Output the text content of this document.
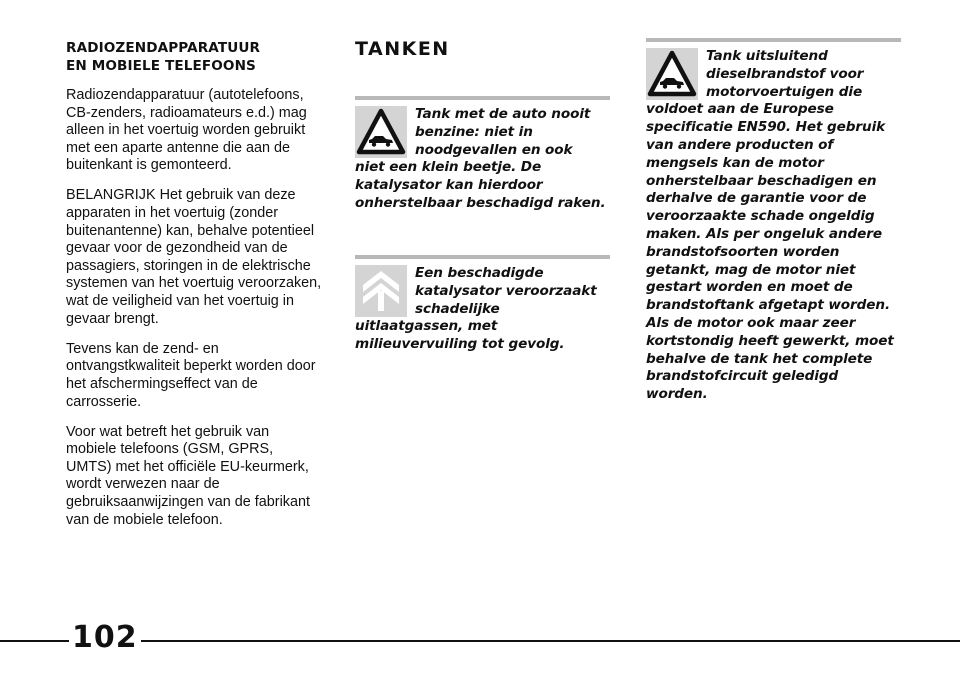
RADIOZENDAPPARATUUR
EN MOBIELE TELEFOONS

Radiozendapparatuur (autotelefoons, CB-zenders, radioamateurs e.d.) mag alleen in het voertuig worden gebruikt met een aparte antenne die aan de buitenkant is gemonteerd.

BELANGRIJK Het gebruik van deze apparaten in het voertuig (zonder buitenantenne) kan, behalve potentieel gevaar voor de gezondheid van de passagiers, storingen in de elektrische systemen van het voertuig veroorzaken, wat de veiligheid van het voertuig in gevaar brengt.

Tevens kan de zend- en ontvangstkwaliteit beperkt worden door het afschermingseffect van de carrosserie.

Voor wat betreft het gebruik van mobiele telefoons (GSM, GPRS, UMTS) met het officiële EU-keurmerk, wordt verwezen naar de gebruiksaanwijzingen van de fabrikant van de mobiele telefoon.

TANKEN
Tank met de auto nooit
benzine: niet in
noodgevallen en ook
niet een klein beetje. De
katalysator kan hierdoor
onherstelbaar beschadigd raken.
Een beschadigde
katalysator veroorzaakt
schadelijke
uitlaatgassen, met
milieuvervuiling tot gevolg.
Tank uitsluitend
dieselbrandstof voor
motorvoertuigen die
voldoet aan de Europese
specificatie EN590. Het gebruik
van andere producten of
mengsels kan de motor
onherstelbaar beschadigen en
derhalve de garantie voor de
veroorzaakte schade ongeldig
maken. Als per ongeluk andere
brandstofsoorten worden
getankt, mag de motor niet
gestart worden en moet de
brandstoftank afgetapt worden.
Als de motor ook maar zeer
kortstondig heeft gewerkt, moet
behalve de tank het complete
brandstofcircuit geledigd
worden.
102
